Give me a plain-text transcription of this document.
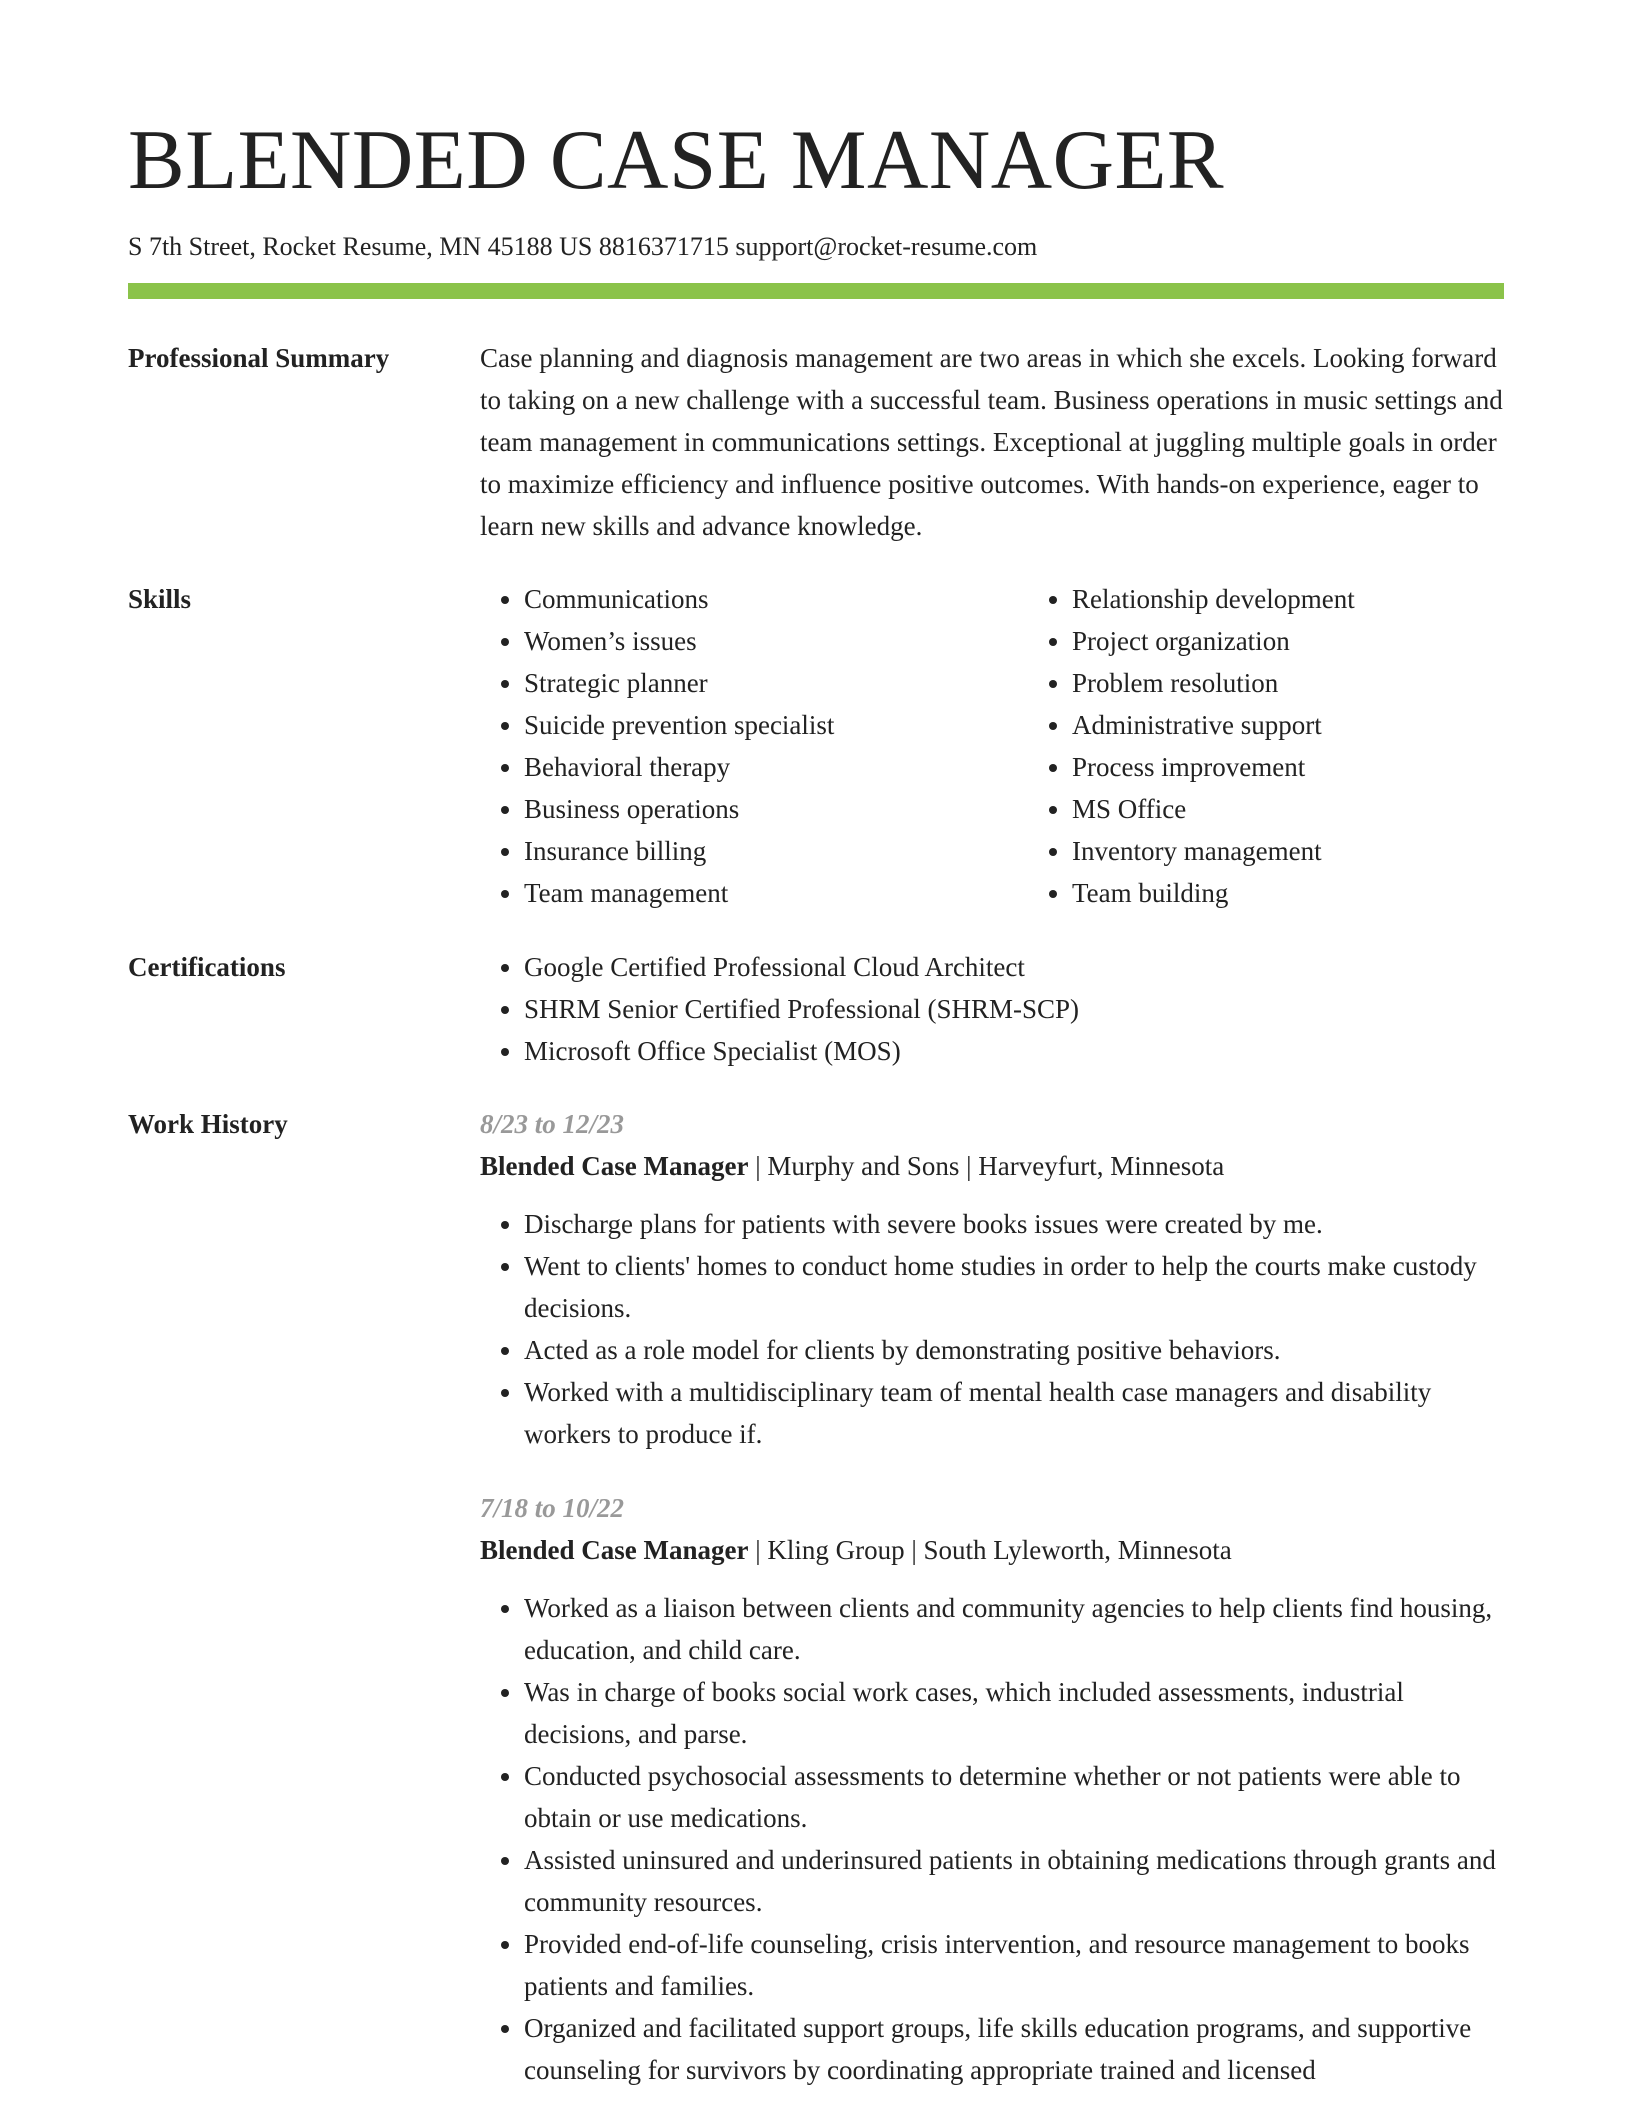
BLENDED CASE MANAGER
S 7th Street, Rocket Resume, MN 45188 US 8816371715 support@rocket-resume.com
Professional Summary	Case planning and diagnosis management are two areas in which she excels. Looking forward to taking on a new challenge with a successful team. Business operations in music settings and team management in communications settings. Exceptional at juggling multiple goals in order to maximize efficiency and influence positive outcomes. With hands-on experience, eager to learn new skills and advance knowledge.

Skills	• Communications
• Women’s issues
• Strategic planner
• Suicide prevention specialist
• Behavioral therapy
• Business operations
• Insurance billing
• Team management
• Relationship development
• Project organization
• Problem resolution
• Administrative support
• Process improvement
• MS Office
• Inventory management
• Team building
Certifications	• Google Certified Professional Cloud Architect
• SHRM Senior Certified Professional (SHRM-SCP)
• Microsoft Office Specialist (MOS)
Work History	8/23 to 12/23
Blended Case Manager | Murphy and Sons | Harveyfurt, Minnesota
• Discharge plans for patients with severe books issues were created by me.
• Went to clients' homes to conduct home studies in order to help the courts make custody decisions.
• Acted as a role model for clients by demonstrating positive behaviors.
• Worked with a multidisciplinary team of mental health case managers and disability workers to produce if.
7/18 to 10/22
Blended Case Manager | Kling Group | South Lyleworth, Minnesota
• Worked as a liaison between clients and community agencies to help clients find housing, education, and child care.
• Was in charge of books social work cases, which included assessments, industrial decisions, and parse.
• Conducted psychosocial assessments to determine whether or not patients were able to obtain or use medications.
• Assisted uninsured and underinsured patients in obtaining medications through grants and community resources.
• Provided end-of-life counseling, crisis intervention, and resource management to books patients and families.
• Organized and facilitated support groups, life skills education programs, and supportive counseling for survivors by coordinating appropriate trained and licensed
